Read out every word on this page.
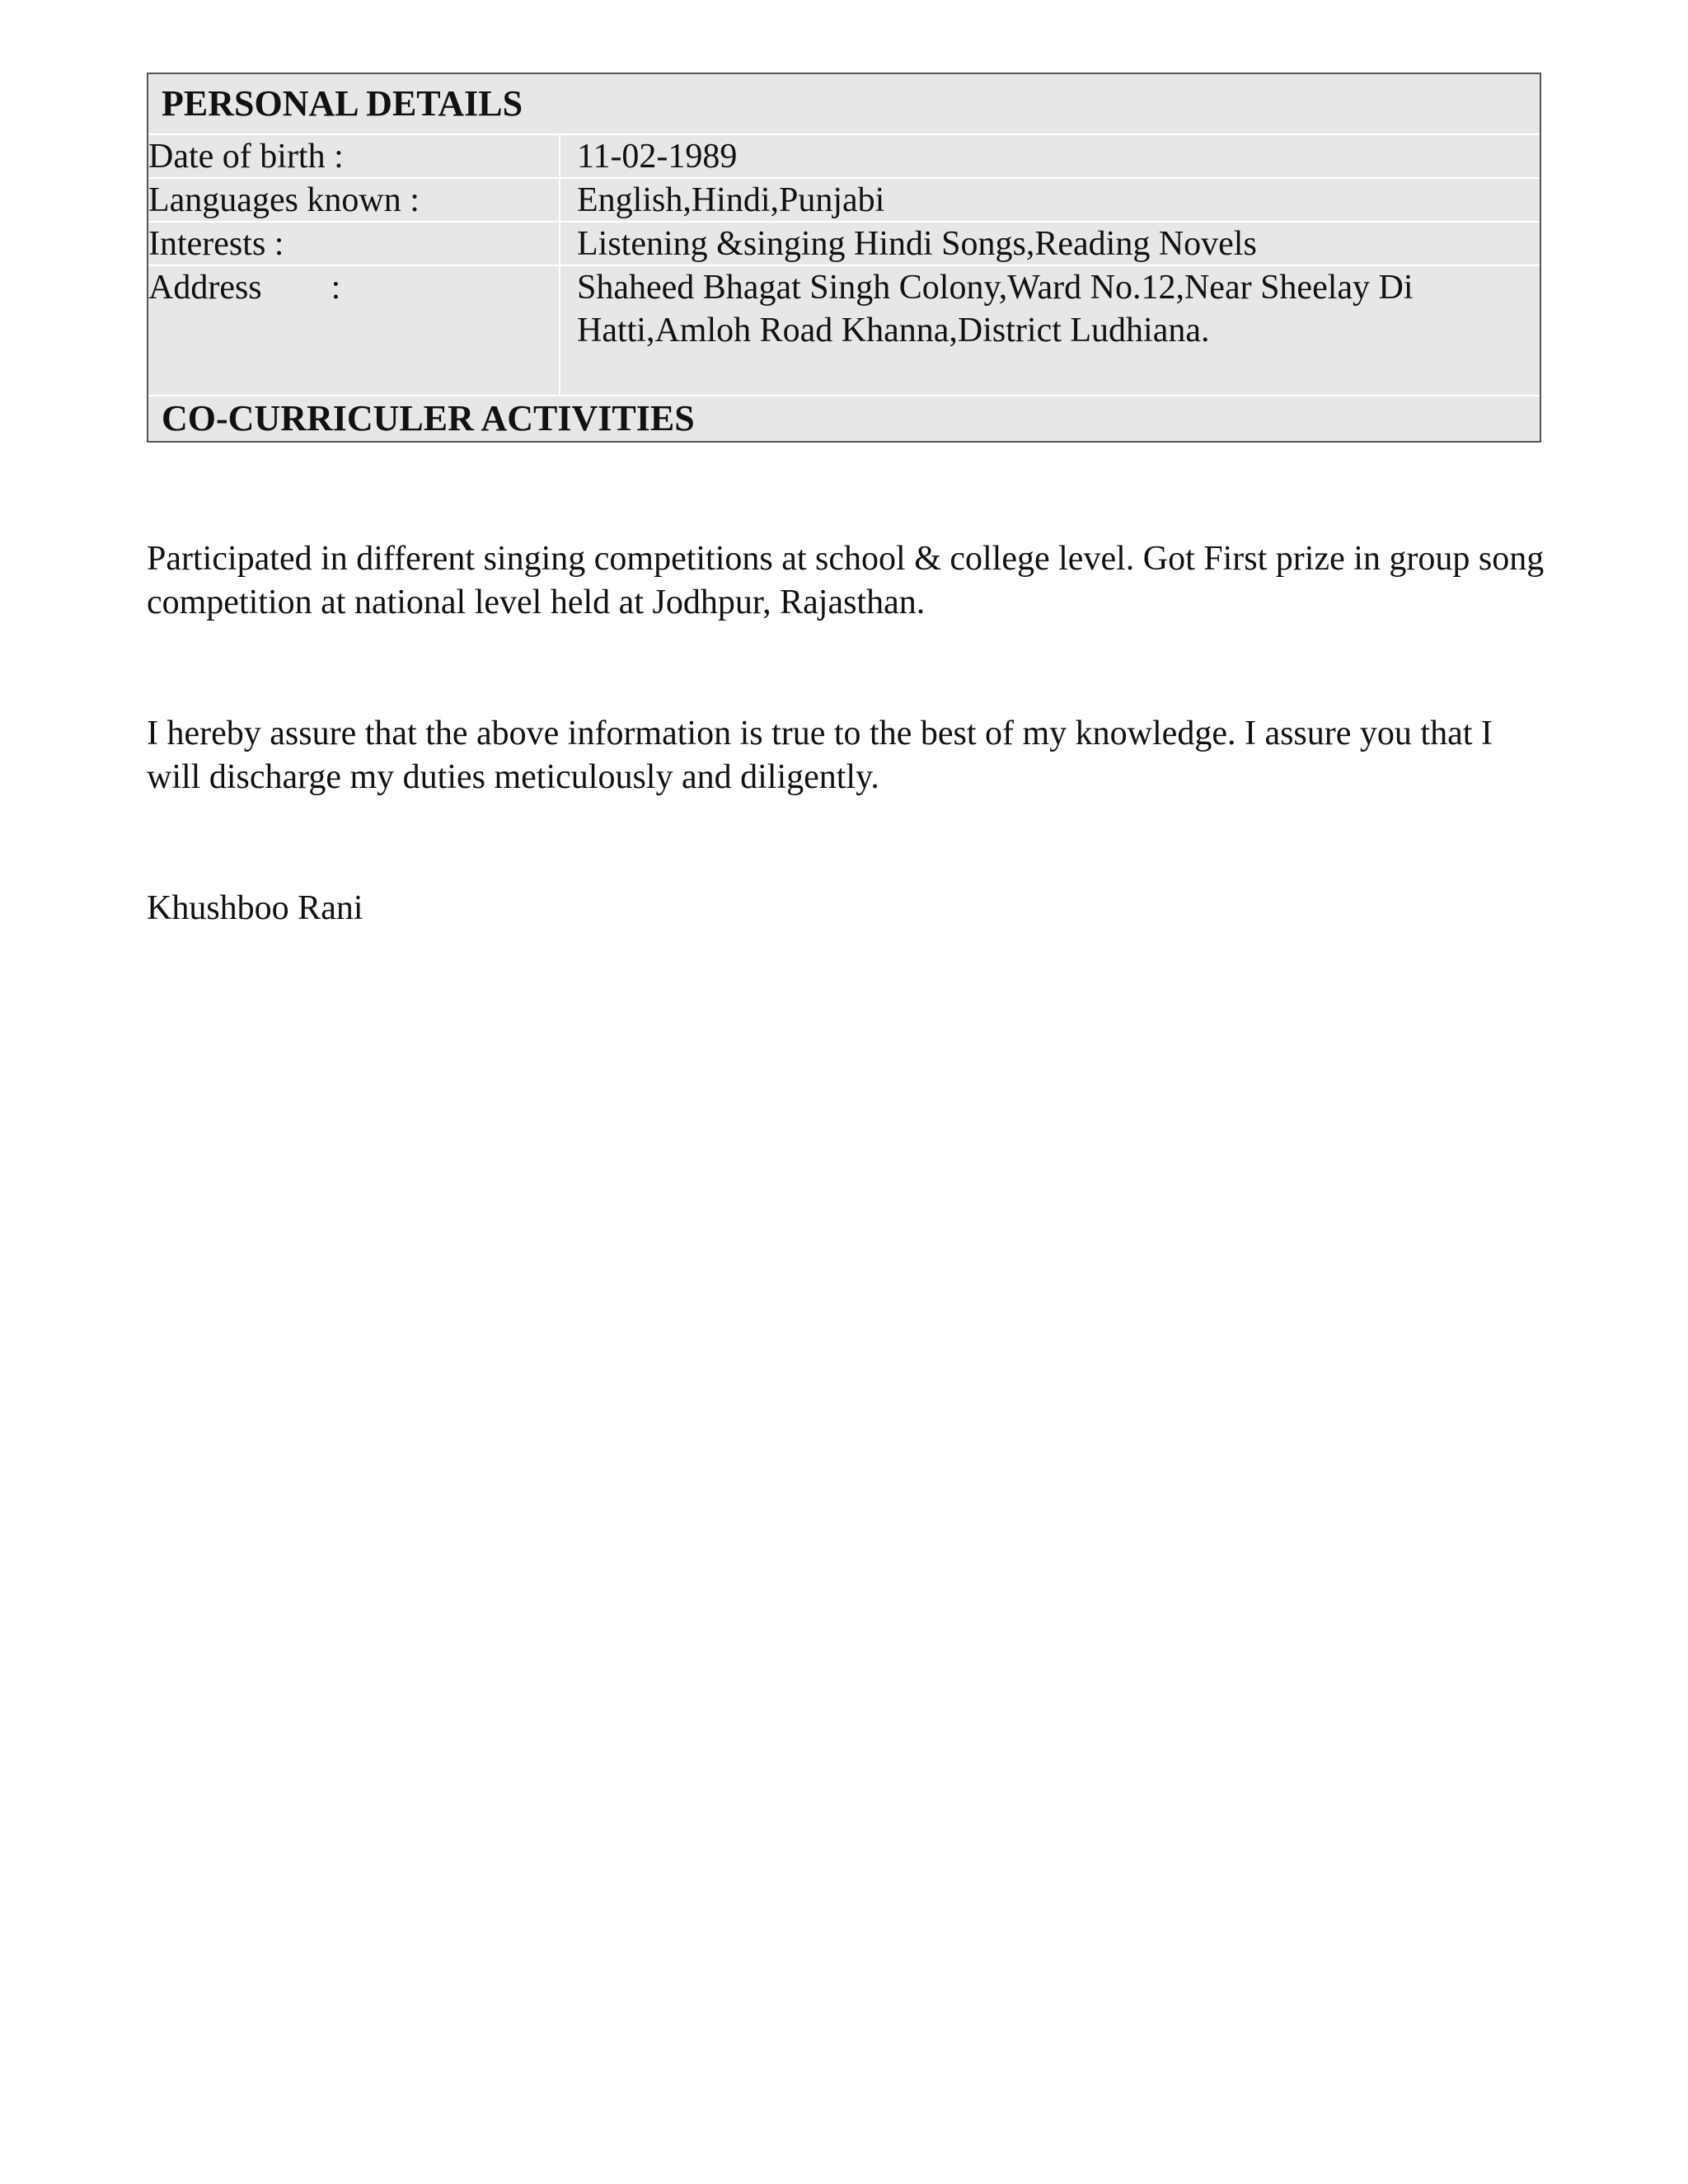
PERSONAL DETAILS
Date of birth :	11-02-1989
Languages known :	English,Hindi,Punjabi
Interests :	Listening &singing Hindi Songs,Reading Novels
Address        :	Shaheed Bhagat Singh Colony,Ward No.12,Near Sheelay Di Hatti,Amloh Road Khanna,District Ludhiana.
CO-CURRICULER ACTIVITIES

Participated in different singing competitions at school & college level. Got First prize in group song competition at national level held at Jodhpur, Rajasthan.

I hereby assure that the above information is true to the best of my knowledge. I assure you that I will discharge my duties meticulously and diligently.

Khushboo Rani
